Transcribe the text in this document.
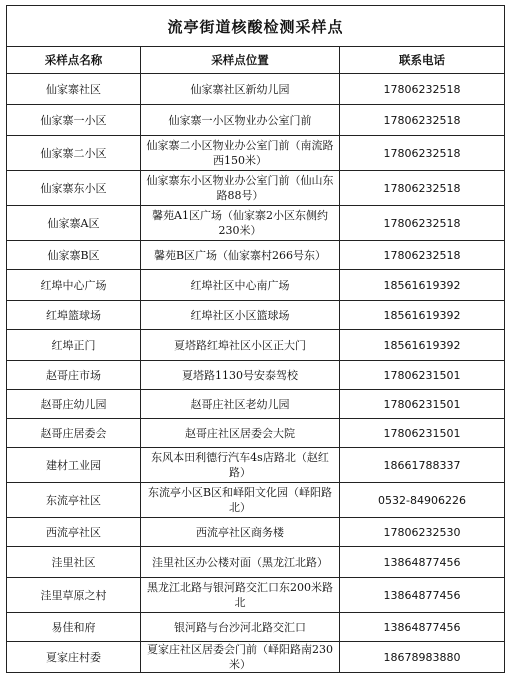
流亭街道核酸检测采样点		
采样点名称	采样点位置	联系电话
仙家寨社区	仙家寨社区新幼儿园	17806232518
仙家寨一小区	仙家寨一小区物业办公室门前	17806232518
仙家寨二小区	仙家寨二小区物业办公室门前（南流路西150米）	17806232518
仙家寨东小区	仙家寨东小区物业办公室门前（仙山东路88号）	17806232518
仙家寨A区	馨苑A1区广场（仙家寨2小区东侧约230米）	17806232518
仙家寨B区	馨苑B区广场（仙家寨村266号东）	17806232518
红埠中心广场	红埠社区中心南广场	18561619392
红埠篮球场	红埠社区小区篮球场	18561619392
红埠正门	夏塔路红埠社区小区正大门	18561619392
赵哥庄市场	夏塔路1130号安泰驾校	17806231501
赵哥庄幼儿园	赵哥庄社区老幼儿园	17806231501
赵哥庄居委会	赵哥庄社区居委会大院	17806231501
建材工业园	东风本田利德行汽车4s店路北（赵红路）	18661788337
东流亭社区	东流亭小区B区和峄阳文化园（峄阳路北）	0532-84906226
西流亭社区	西流亭社区商务楼	17806232530
洼里社区	洼里社区办公楼对面（黑龙江北路）	13864877456
洼里草原之村	黑龙江北路与银河路交汇口东200米路北	13864877456
易佳和府	银河路与台沙河北路交汇口	13864877456
夏家庄村委	夏家庄社区居委会门前（峄阳路南230米）	18678983880
